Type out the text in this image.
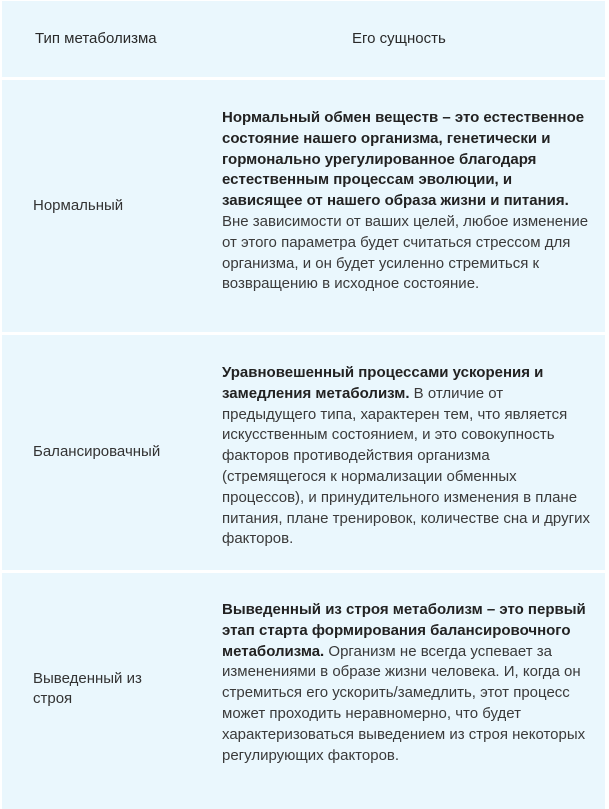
Тип метаболизма	Его сущность
Нормальный
Нормальный обмен веществ – это естественное состояние нашего организма, генетически и гормонально урегулированное благодаря естественным процессам эволюции, и зависящее от нашего образа жизни и питания. Вне зависимости от ваших целей, любое изменение от этого параметра будет считаться стрессом для организма, и он будет усиленно стремиться к возвращению в исходное состояние.
Балансировачный
Уравновешенный процессами ускорения и замедления метаболизм. В отличие от предыдущего типа, характерен тем, что является искусственным состоянием, и это совокупность факторов противодействия организма (стремящегося к нормализации обменных процессов), и принудительного изменения в плане питания, плане тренировок, количестве сна и других факторов.
Выведенный из строя
Выведенный из строя метаболизм – это первый этап старта формирования балансировочного метаболизма. Организм не всегда успевает за изменениями в образе жизни человека. И, когда он стремиться его ускорить/замедлить, этот процесс может проходить неравномерно, что будет характеризоваться выведением из строя некоторых регулирующих факторов.
